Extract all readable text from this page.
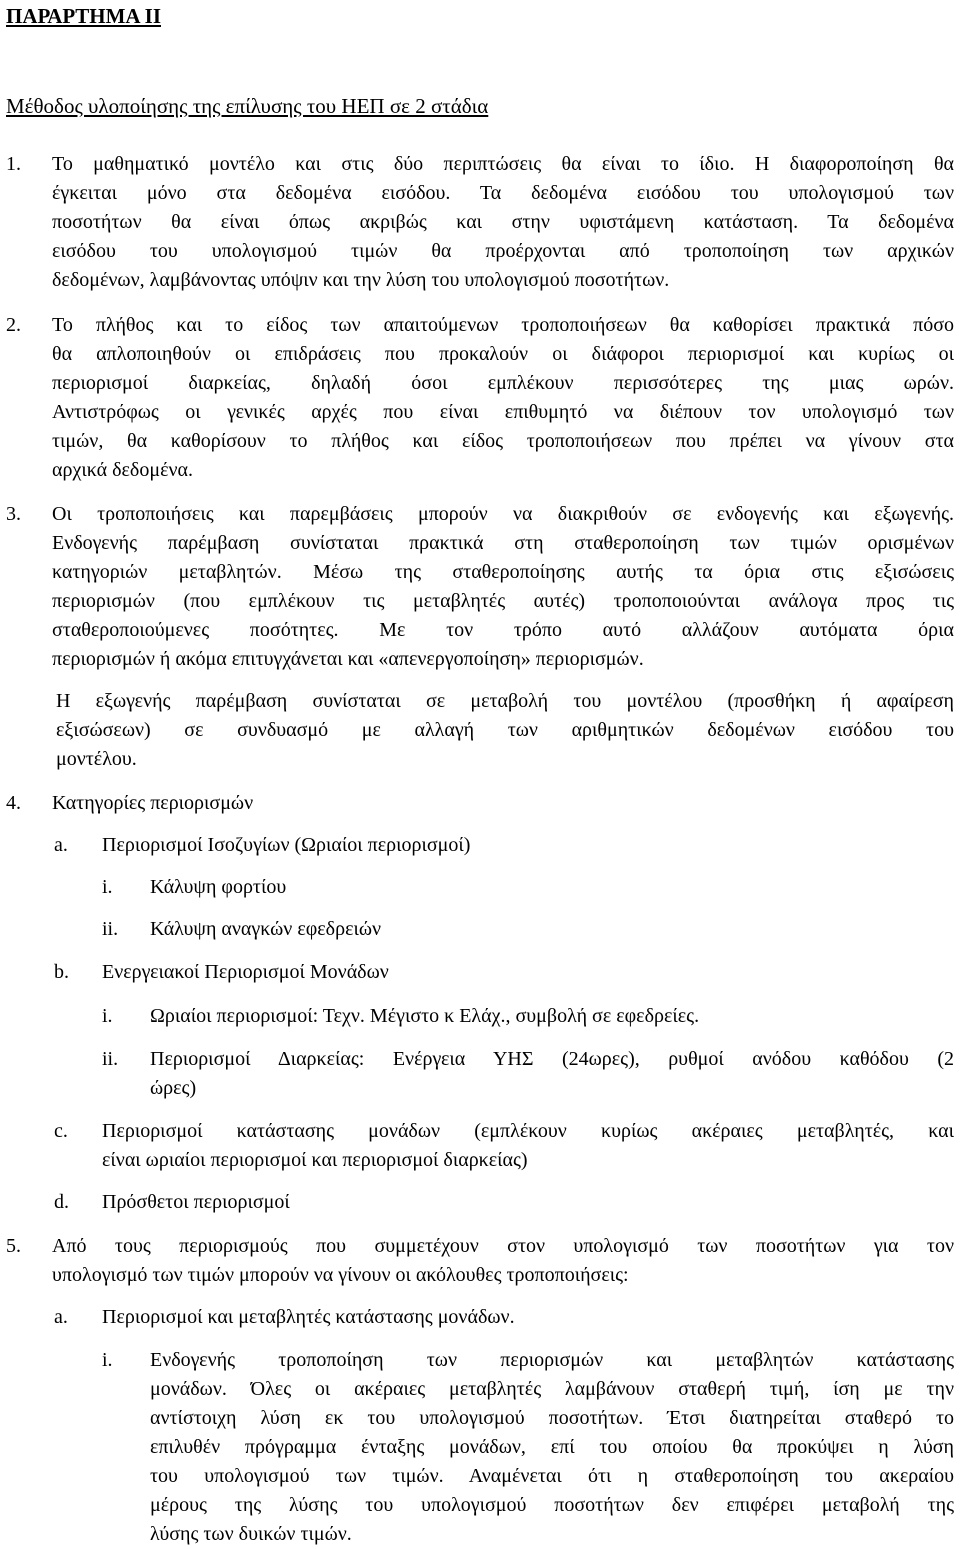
ΠΑΡΑΡΤΗΜΑ ΙΙ
Μέθοδος υλοποίησης της επίλυσης του ΗΕΠ σε 2 στάδια
1. Το μαθηματικό μοντέλο και στις δύο περιπτώσεις θα είναι το ίδιο. Η διαφοροποίηση θα
έγκειται μόνο στα δεδομένα εισόδου. Τα δεδομένα εισόδου του υπολογισμού των
ποσοτήτων θα είναι όπως ακριβώς και στην υφιστάμενη κατάσταση. Τα δεδομένα
εισόδου του υπολογισμού τιμών θα προέρχονται από τροποποίηση των αρχικών
δεδομένων, λαμβάνοντας υπόψιν και την λύση του υπολογισμού ποσοτήτων.
2. Το πλήθος και το είδος των απαιτούμενων τροποποιήσεων θα καθορίσει πρακτικά πόσο
θα απλοποιηθούν οι επιδράσεις που προκαλούν οι διάφοροι περιορισμοί και κυρίως οι
περιορισμοί διαρκείας, δηλαδή όσοι εμπλέκουν περισσότερες της μιας ωρών.
Αντιστρόφως οι γενικές αρχές που είναι επιθυμητό να διέπουν τον υπολογισμό των
τιμών, θα καθορίσουν το πλήθος και είδος τροποποιήσεων που πρέπει να γίνουν στα
αρχικά δεδομένα.
3. Οι τροποποιήσεις και παρεμβάσεις μπορούν να διακριθούν σε ενδογενής και εξωγενής.
Ενδογενής παρέμβαση συνίσταται πρακτικά στη σταθεροποίηση των τιμών ορισμένων
κατηγοριών μεταβλητών. Μέσω της σταθεροποίησης αυτής τα όρια στις εξισώσεις
περιορισμών (που εμπλέκουν τις μεταβλητές αυτές) τροποποιούνται ανάλογα προς τις
σταθεροποιούμενες ποσότητες. Με τον τρόπο αυτό αλλάζουν αυτόματα όρια
περιορισμών ή ακόμα επιτυγχάνεται και «απενεργοποίηση» περιορισμών.
Η εξωγενής παρέμβαση συνίσταται σε μεταβολή του μοντέλου (προσθήκη ή αφαίρεση
εξισώσεων) σε συνδυασμό με αλλαγή των αριθμητικών δεδομένων εισόδου του
μοντέλου.
4. Κατηγορίες περιορισμών
a. Περιορισμοί Ισοζυγίων (Ωριαίοι περιορισμοί)
i. Κάλυψη φορτίου
ii. Κάλυψη αναγκών εφεδρειών
b. Ενεργειακοί Περιορισμοί Μονάδων
i. Ωριαίοι περιορισμοί: Τεχν. Μέγιστο κ Ελάχ., συμβολή σε εφεδρείες.
ii. Περιορισμοί Διαρκείας: Ενέργεια ΥΗΣ (24ωρες), ρυθμοί ανόδου καθόδου (2
ώρες)
c. Περιορισμοί κατάστασης μονάδων (εμπλέκουν κυρίως ακέραιες μεταβλητές, και
είναι ωριαίοι περιορισμοί και περιορισμοί διαρκείας)
d. Πρόσθετοι περιορισμοί
5. Από τους περιορισμούς που συμμετέχουν στον υπολογισμό των ποσοτήτων για τον
υπολογισμό των τιμών μπορούν να γίνουν οι ακόλουθες τροποποιήσεις:
a. Περιορισμοί και μεταβλητές κατάστασης μονάδων.
i. Ενδογενής τροποποίηση των περιορισμών και μεταβλητών κατάστασης
μονάδων. Όλες οι ακέραιες μεταβλητές λαμβάνουν σταθερή τιμή, ίση με την
αντίστοιχη λύση εκ του υπολογισμού ποσοτήτων. Έτσι διατηρείται σταθερό το
επιλυθέν πρόγραμμα ένταξης μονάδων, επί του οποίου θα προκύψει η λύση
του υπολογισμού των τιμών. Αναμένεται ότι η σταθεροποίηση του ακεραίου
μέρους της λύσης του υπολογισμού ποσοτήτων δεν επιφέρει μεταβολή της
λύσης των δυικών τιμών.
